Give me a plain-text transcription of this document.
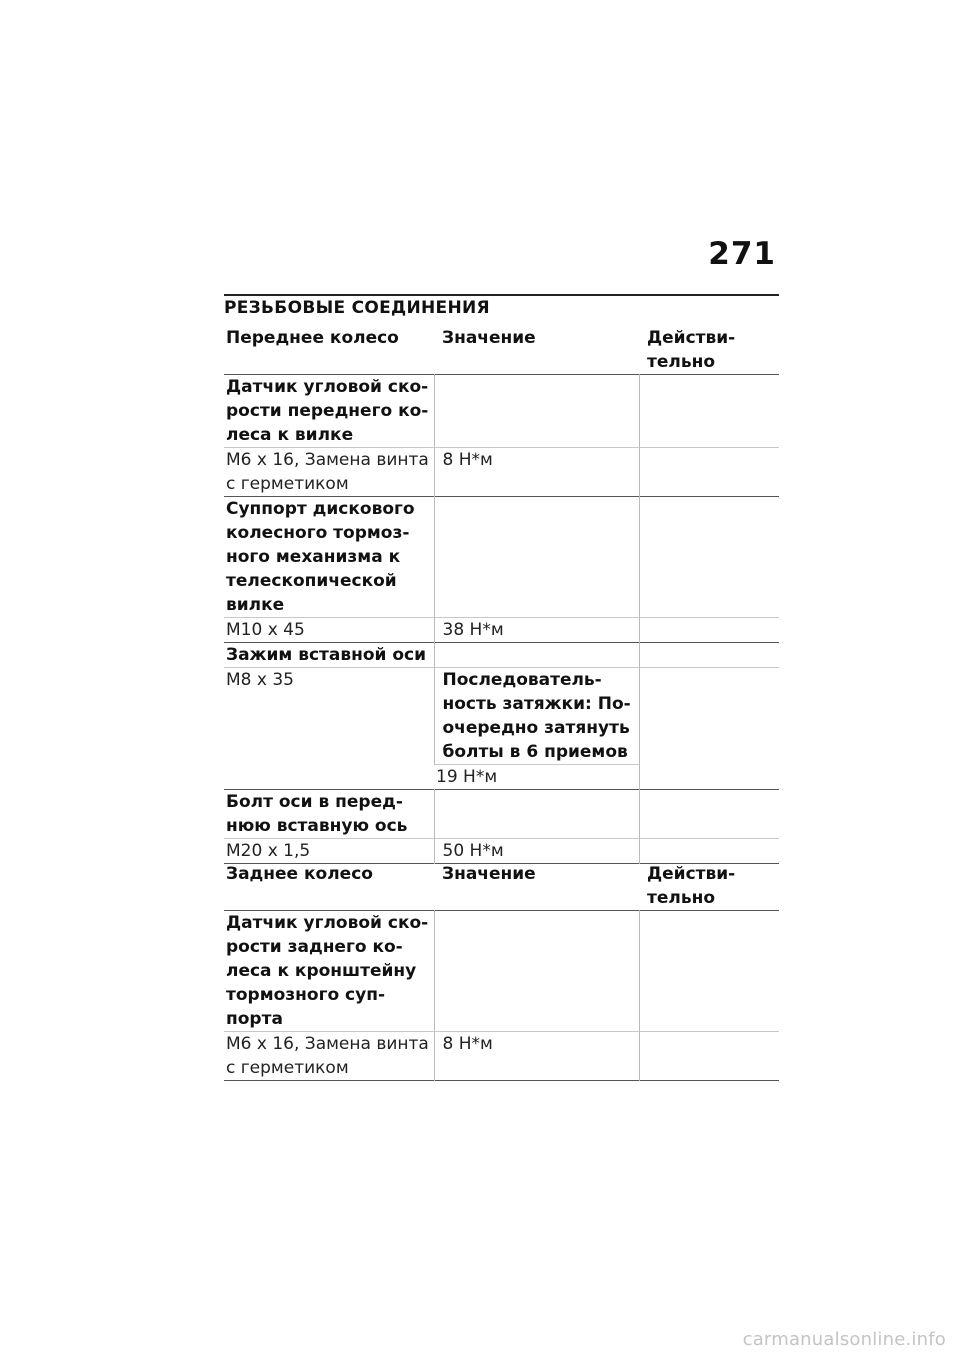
271
РЕЗЬБОВЫЕ СОЕДИНЕНИЯ
Переднее колесо	Значение	Действи-тельно
Датчик угловой ско-рости переднего ко-леса к вилке		
M6 x 16, Замена винта с герметиком	8 Н*м	
Суппорт дискового колесного тормоз-ного механизма к телескопической вилке		
M10 x 45	38 Н*м	
Зажим вставной оси		
M8 x 35	Последователь-ность затяжки: По-очередно затянуть болты в 6 приемов	
	19 Н*м	
Болт оси в перед-нюю вставную ось		
M20 x 1,5	50 Н*м	
Заднее колесо	Значение	Действи-тельно
Датчик угловой ско-рости заднего ко-леса к кронштейну тормозного суп-порта		
M6 x 16, Замена винта с герметиком	8 Н*м	
carmanualsonline.info
